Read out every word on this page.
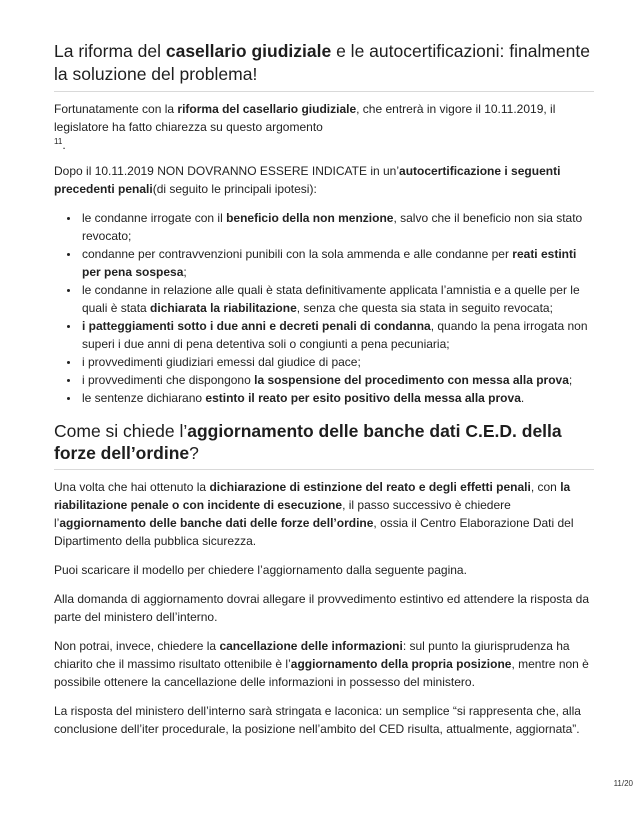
La riforma del casellario giudiziale e le autocertificazioni: finalmente la soluzione del problema!

Fortunatamente con la riforma del casellario giudiziale, che entrerà in vigore il 10.11.2019, il legislatore ha fatto chiarezza su questo argomento
$^{11}$.

Dopo il 10.11.2019 NON DOVRANNO ESSERE INDICATE in un’autocertificazione i seguenti precedenti penali(di seguito le principali ipotesi):

• le condanne irrogate con il beneficio della non menzione, salvo che il beneficio non sia stato revocato;
• condanne per contravvenzioni punibili con la sola ammenda e alle condanne per reati estinti per pena sospesa;
• le condanne in relazione alle quali è stata definitivamente applicata l’amnistia e a quelle per le quali è stata dichiarata la riabilitazione, senza che questa sia stata in seguito revocata;
• i patteggiamenti sotto i due anni e decreti penali di condanna, quando la pena irrogata non superi i due anni di pena detentiva soli o congiunti a pena pecuniaria;
• i provvedimenti giudiziari emessi dal giudice di pace;
• i provvedimenti che dispongono la sospensione del procedimento con messa alla prova;
• le sentenze dichiarano estinto il reato per esito positivo della messa alla prova.
Come si chiede l’aggiornamento delle banche dati C.E.D. della forze dell’ordine?

Una volta che hai ottenuto la dichiarazione di estinzione del reato e degli effetti penali, con la riabilitazione penale o con incidente di esecuzione, il passo successivo è chiedere l’aggiornamento delle banche dati delle forze dell’ordine, ossia il Centro Elaborazione Dati del Dipartimento della pubblica sicurezza.

Puoi scaricare il modello per chiedere l’aggiornamento dalla seguente pagina.

Alla domanda di aggiornamento dovrai allegare il provvedimento estintivo ed attendere la risposta da parte del ministero dell’interno.

Non potrai, invece, chiedere la cancellazione delle informazioni: sul punto la giurisprudenza ha chiarito che il massimo risultato ottenibile è l’aggiornamento della propria posizione, mentre non è possibile ottenere la cancellazione delle informazioni in possesso del ministero.

La risposta del ministero dell’interno sarà stringata e laconica: un semplice “si rappresenta che, alla conclusione dell’iter procedurale, la posizione nell’ambito del CED risulta, attualmente, aggiornata”.

11/20
